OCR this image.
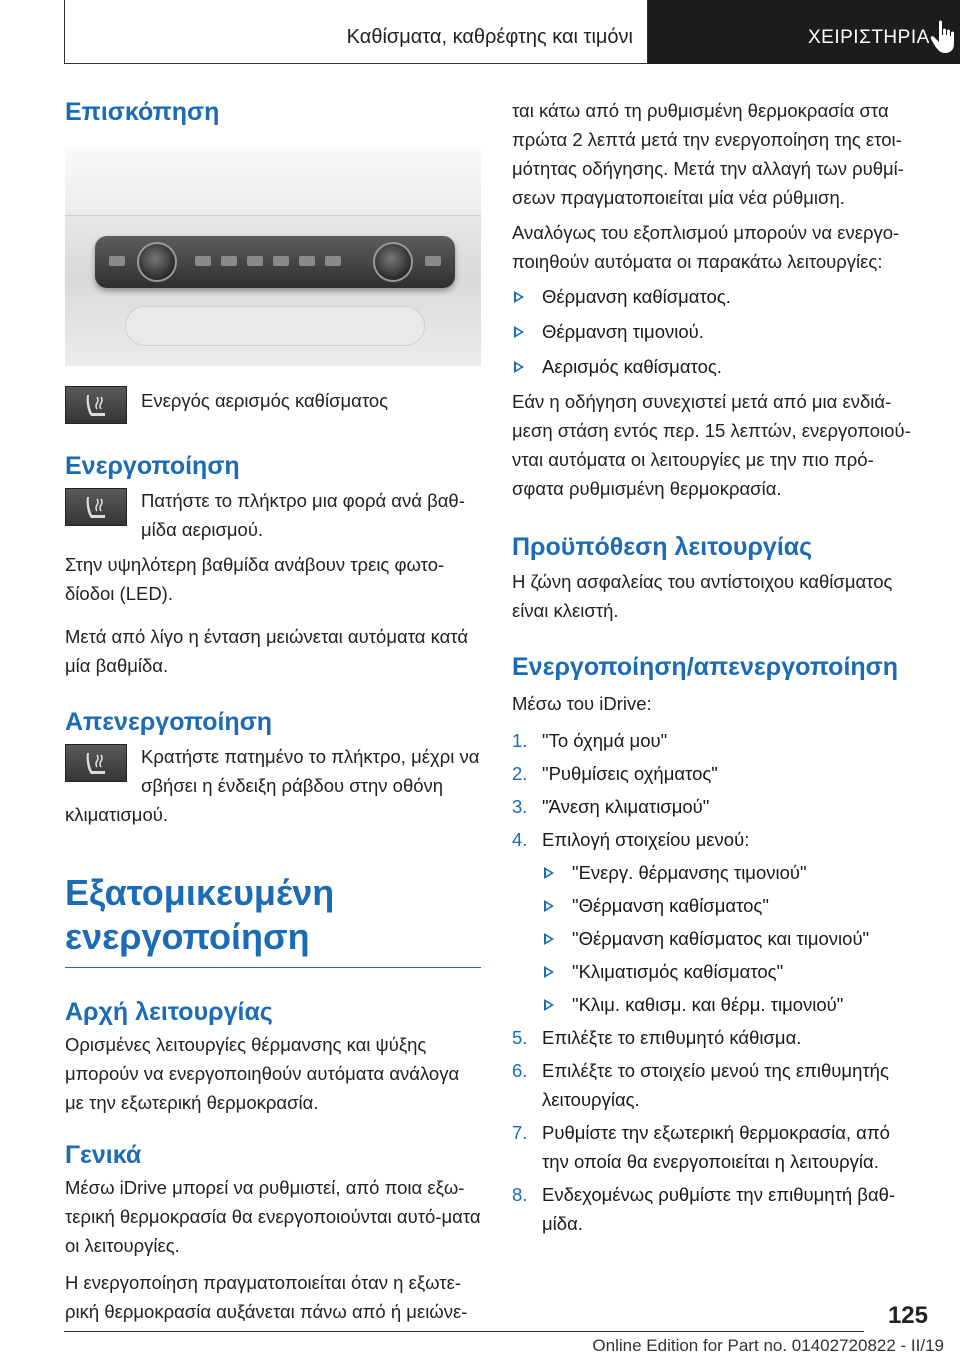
Καθίσματα, καθρέφτης και τιμόνι	ΧΕΙΡΙΣΤΗΡΙΑ
Επισκόπηση

Ενεργός αερισμός καθίσματος

Ενεργοποίηση

Πατήστε το πλήκτρο μια φορά ανά βαθ-μίδα αερισμού.

Στην υψηλότερη βαθμίδα ανάβουν τρεις φωτο-δίοδοι (LED).

Μετά από λίγο η ένταση μειώνεται αυτόματα κατά μία βαθμίδα.

Απενεργοποίηση

Κρατήστε πατημένο το πλήκτρο, μέχρι να σβήσει η ένδειξη ράβδου στην οθόνη κλιματισμού.

Εξατομικευμένη ενεργοποίηση
Αρχή λειτουργίας

Ορισμένες λειτουργίες θέρμανσης και ψύξης μπορούν να ενεργοποιηθούν αυτόματα ανάλογα με την εξωτερική θερμοκρασία.

Γενικά

Μέσω iDrive μπορεί να ρυθμιστεί, από ποια εξω-τερική θερμοκρασία θα ενεργοποιούνται αυτό-ματα οι λειτουργίες.

Η ενεργοποίηση πραγματοποιείται όταν η εξωτε-ρική θερμοκρασία αυξάνεται πάνω από ή μειώνε-

ται κάτω από τη ρυθμισμένη θερμοκρασία στα πρώτα 2 λεπτά μετά την ενεργοποίηση της ετοι-μότητας οδήγησης. Μετά την αλλαγή των ρυθμί-σεων πραγματοποιείται μία νέα ρύθμιση.

Αναλόγως του εξοπλισμού μπορούν να ενεργο-ποιηθούν αυτόματα οι παρακάτω λειτουργίες:

Θέρμανση καθίσματος.
Θέρμανση τιμονιού.
Αερισμός καθίσματος.

Εάν η οδήγηση συνεχιστεί μετά από μια ενδιά-μεση στάση εντός περ. 15 λεπτών, ενεργοποιού-νται αυτόματα οι λειτουργίες με την πιο πρό-σφατα ρυθμισμένη θερμοκρασία.

Προϋπόθεση λειτουργίας

Η ζώνη ασφαλείας του αντίστοιχου καθίσματος είναι κλειστή.

Ενεργοποίηση/απενεργοποίηση

Μέσω του iDrive:

1. "Το όχημά μου"
2. "Ρυθμίσεις οχήματος"
3. "Άνεση κλιματισμού"
4. Επιλογή στοιχείου μενού:
"Ενεργ. θέρμανσης τιμονιού"
"Θέρμανση καθίσματος"
"Θέρμανση καθίσματος και τιμονιού"
"Κλιματισμός καθίσματος"
"Κλιμ. καθισμ. και θέρμ. τιμονιού"
5. Επιλέξτε το επιθυμητό κάθισμα.
6. Επιλέξτε το στοιχείο μενού της επιθυμητής λειτουργίας.
7. Ρυθμίστε την εξωτερική θερμοκρασία, από την οποία θα ενεργοποιείται η λειτουργία.
8. Ενδεχομένως ρυθμίστε την επιθυμητή βαθ-μίδα.
125
Online Edition for Part no. 01402720822 - II/19
